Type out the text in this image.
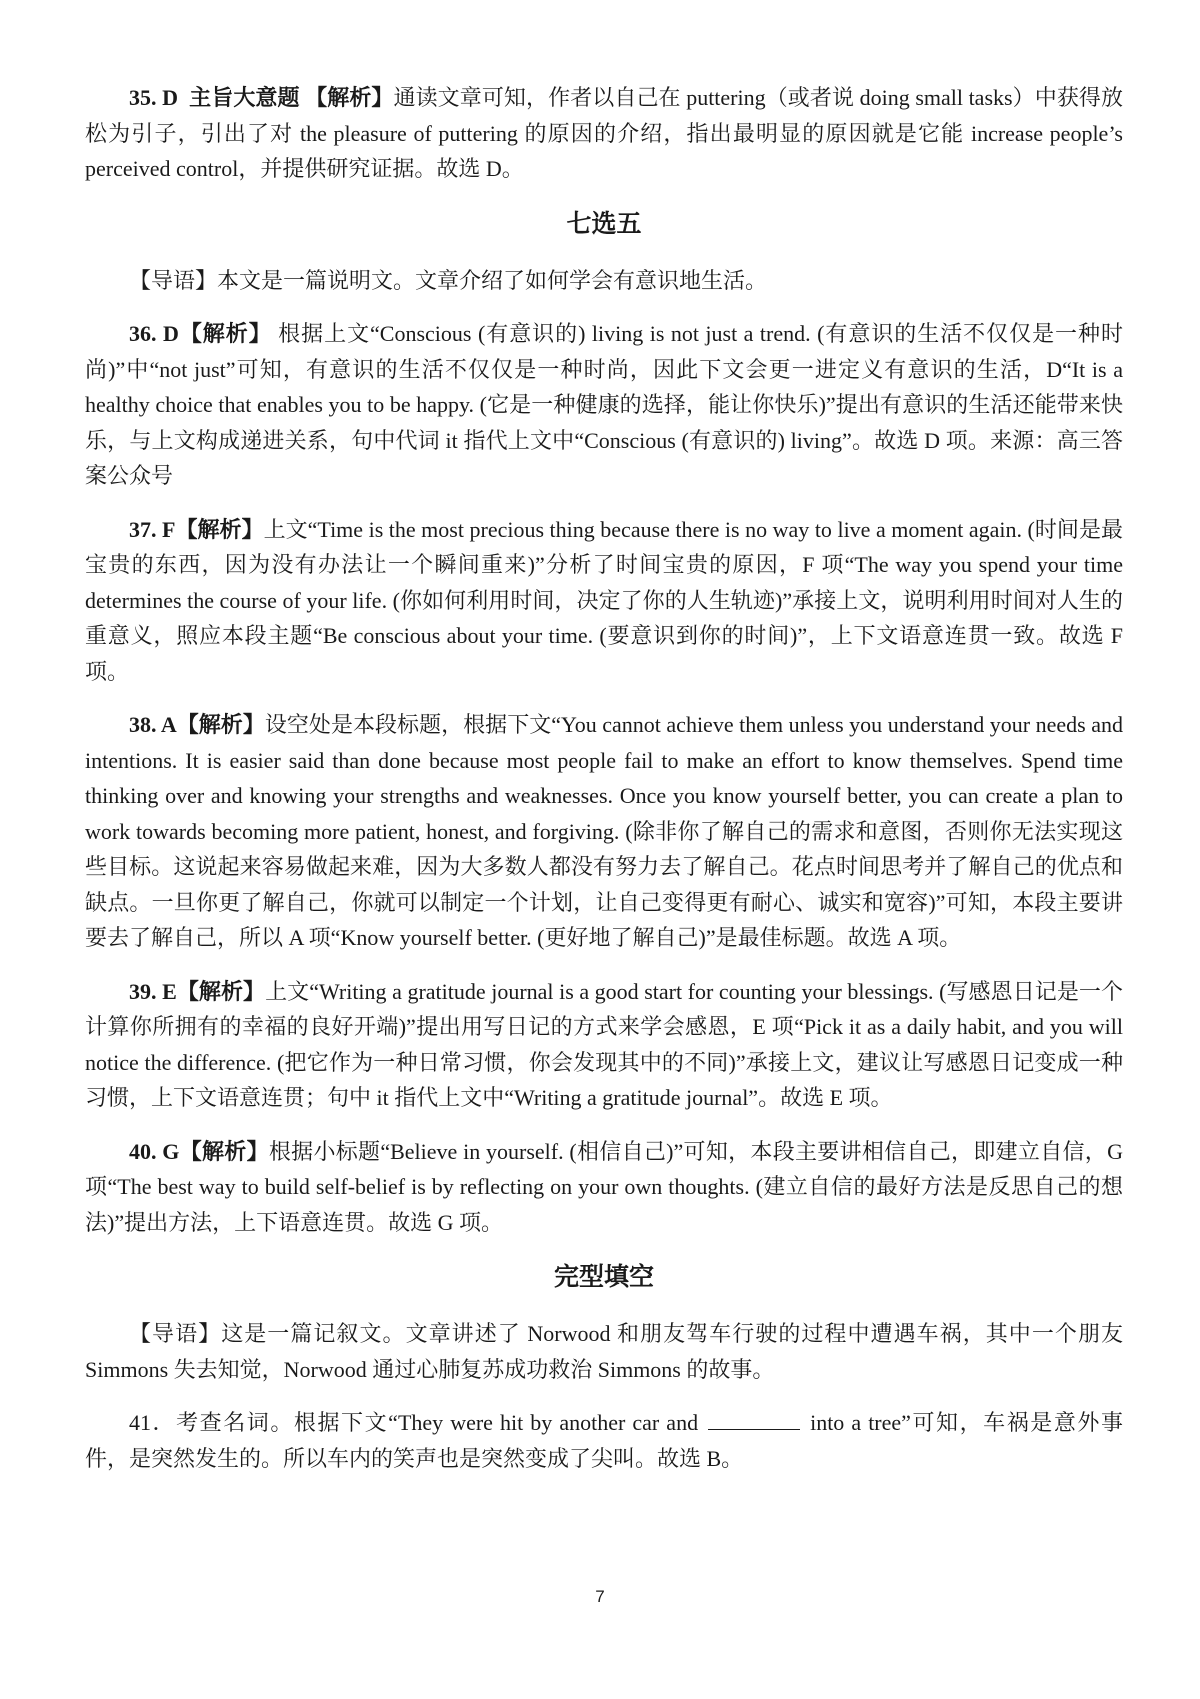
35. D 主旨大意题 【解析】通读文章可知，作者以自己在 puttering（或者说 doing small tasks）中获得放松为引子，引出了对 the pleasure of puttering 的原因的介绍，指出最明显的原因就是它能 increase people’s perceived control，并提供研究证据。故选 D。

七选五

【导语】本文是一篇说明文。文章介绍了如何学会有意识地生活。

36. D【解析】 根据上文“Conscious (有意识的) living is not just a trend. (有意识的生活不仅仅是一种时尚)”中“not just”可知，有意识的生活不仅仅是一种时尚，因此下文会更一进定义有意识的生活，D“It is a healthy choice that enables you to be happy. (它是一种健康的选择，能让你快乐)”提出有意识的生活还能带来快乐，与上文构成递进关系，句中代词 it 指代上文中“Conscious (有意识的) living”。故选 D 项。来源：高三答案公众号

37. F【解析】上文“Time is the most precious thing because there is no way to live a moment again. (时间是最宝贵的东西，因为没有办法让一个瞬间重来)”分析了时间宝贵的原因，F 项“The way you spend your time determines the course of your life. (你如何利用时间，决定了你的人生轨迹)”承接上文，说明利用时间对人生的重意义，照应本段主题“Be conscious about your time. (要意识到你的时间)”，上下文语意连贯一致。故选 F 项。

38. A【解析】设空处是本段标题，根据下文“You cannot achieve them unless you understand your needs and intentions. It is easier said than done because most people fail to make an effort to know themselves. Spend time thinking over and knowing your strengths and weaknesses. Once you know yourself better, you can create a plan to work towards becoming more patient, honest, and forgiving. (除非你了解自己的需求和意图，否则你无法实现这些目标。这说起来容易做起来难，因为大多数人都没有努力去了解自己。花点时间思考并了解自己的优点和缺点。一旦你更了解自己，你就可以制定一个计划，让自己变得更有耐心、诚实和宽容)”可知，本段主要讲要去了解自己，所以 A 项“Know yourself better. (更好地了解自己)”是最佳标题。故选 A 项。

39. E【解析】上文“Writing a gratitude journal is a good start for counting your blessings. (写感恩日记是一个计算你所拥有的幸福的良好开端)”提出用写日记的方式来学会感恩，E 项“Pick it as a daily habit, and you will notice the difference. (把它作为一种日常习惯，你会发现其中的不同)”承接上文，建议让写感恩日记变成一种习惯，上下文语意连贯；句中 it 指代上文中“Writing a gratitude journal”。故选 E 项。

40. G【解析】根据小标题“Believe in yourself. (相信自己)”可知，本段主要讲相信自己，即建立自信，G 项“The best way to build self-belief is by reflecting on your own thoughts. (建立自信的最好方法是反思自己的想法)”提出方法，上下语意连贯。故选 G 项。

完型填空

【导语】这是一篇记叙文。文章讲述了 Norwood 和朋友驾车行驶的过程中遭遇车祸，其中一个朋友 Simmons 失去知觉，Norwood 通过心肺复苏成功救治 Simmons 的故事。

41．考查名词。根据下文“They were hit by another car and	into a tree”可知，车祸是意外事件，是突然发生的。所以车内的笑声也是突然变成了尖叫。故选 B。

7
